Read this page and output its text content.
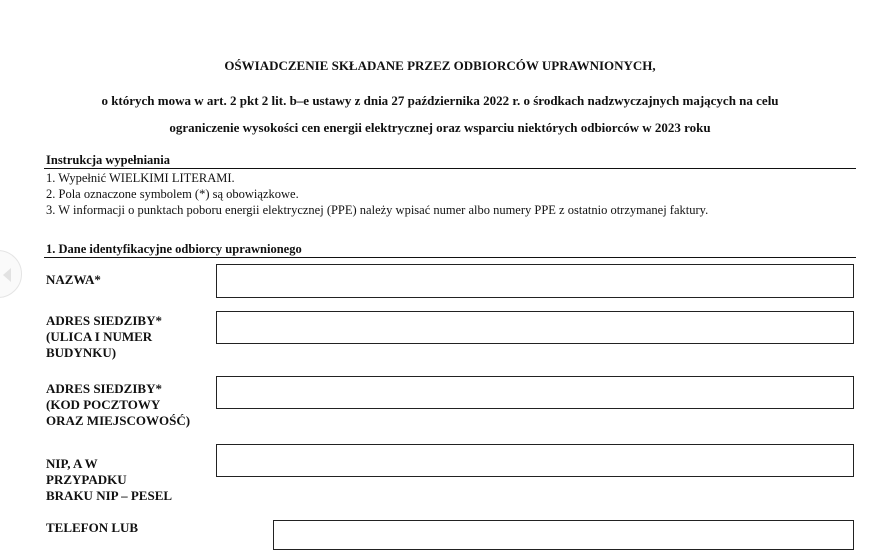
OŚWIADCZENIE SKŁADANE PRZEZ ODBIORCÓW UPRAWNIONYCH,
o których mowa w art. 2 pkt 2 lit. b–e ustawy z dnia 27 października 2022 r. o środkach nadzwyczajnych mających na celu
ograniczenie wysokości cen energii elektrycznej oraz wsparciu niektórych odbiorców w 2023 roku
Instrukcja wypełniania
1. Wypełnić WIELKIMI LITERAMI.
2. Pola oznaczone symbolem (*) są obowiązkowe.
3. W informacji o punktach poboru energii elektrycznej (PPE) należy wpisać numer albo numery PPE z ostatnio otrzymanej faktury.
1. Dane identyfikacyjne odbiorcy uprawnionego
NAZWA*
ADRES SIEDZIBY*
(ULICA I NUMER
BUDYNKU)
ADRES SIEDZIBY*
(KOD POCZTOWY
ORAZ MIEJSCOWOŚĆ)
NIP, A W
PRZYPADKU
BRAKU NIP – PESEL
TELEFON LUB
